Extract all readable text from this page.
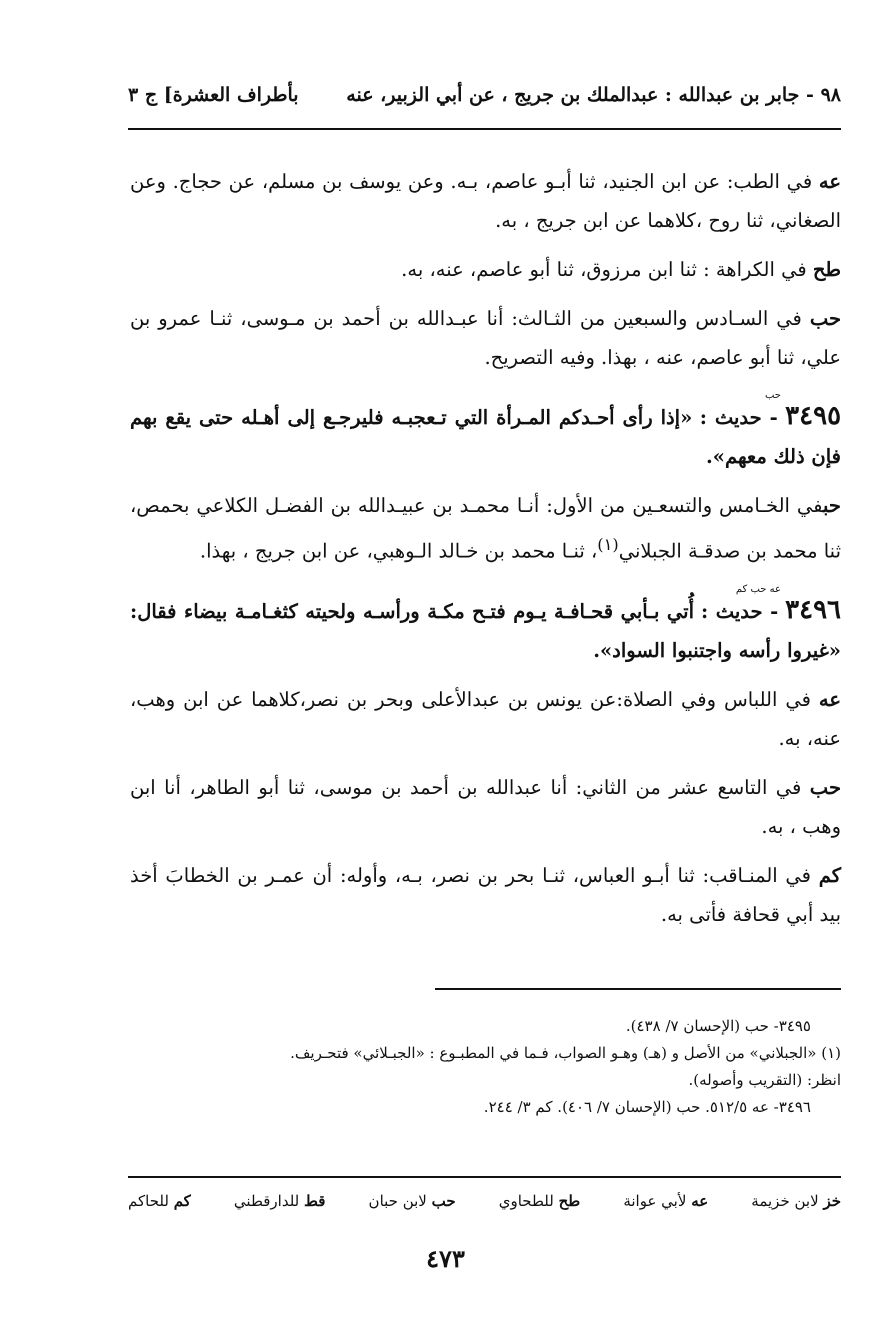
٩٨ - جابر بن عبدالله : عبدالملك بن جريج ، عن أبي الزبير، عنه
بأطراف العشرة] ج ٣

عه في الطب: عن ابن الجنيد، ثنا أبـو عاصم، بـه. وعن يوسف بن مسلم، عن حجاج. وعن الصغاني، ثنا روح ،كلاهما عن ابن جريج ، به.

طح في الكراهة : ثنا ابن مرزوق، ثنا أبو عاصم، عنه، به.

حب في السـادس والسبعين من الثـالث: أنا عبـدالله بن أحمد بن مـوسى، ثنـا عمرو بن علي، ثنا أبو عاصم، عنه ، بهذا. وفيه التصريح.

حب
٣٤٩٥ - حديث : «إذا رأى أحـدكم المـرأة التي تـعجبـه فليرجـع إلى أهـله حتى يقع بهم فإن ذلك معهم».

حبفي الخـامس والتسعـين من الأول: أنـا محمـد بن عبيـدالله بن الفضـل الكلاعي بحمص، ثنا محمد بن صدقـة الجبلاني$^{(١)}$، ثنـا محمد بن خـالد الـوهبي، عن ابن جريج ، بهذا.

عه حب كم
٣٤٩٦ - حديث : أُتي بـأبي قحـافـة يـوم فتـح مكـة ورأسـه ولحيته كثغـامـة بيضاء فقال: «غيروا رأسه واجتنبوا السواد».

عه في اللباس وفي الصلاة:عن يونس بن عبدالأعلى وبحر بن نصر،كلاهما عن ابن وهب، عنه، به.

حب في التاسع عشر من الثاني: أنا عبدالله بن أحمد بن موسى، ثنا أبو الطاهر، أنا ابن وهب ، به.

كم في المنـاقب: ثنا أبـو العباس، ثنـا بحر بن نصر، بـه، وأوله: أن عمـر بن الخطابَ أخذ بيد أبي قحافة فأتى به.

٣٤٩٥- حب (الإحسان ٧/ ٤٣٨).

(١) «الجبلاني» من الأصل و (هـ) وهـو الصواب، فـما في المطبـوع : «الجبـلائي» فتحـريف.

انظر: (التقريب وأصوله).

٣٤٩٦- عه ٥١٢/٥. حب (الإحسان ٧/ ٤٠٦). كم ٣/ ٢٤٤.

خز لابن خزيمة
عه لأبي عوانة
طح للطحاوي
حب لابن حبان
قط للدارقطني
كم للحاكم
٤٧٣
